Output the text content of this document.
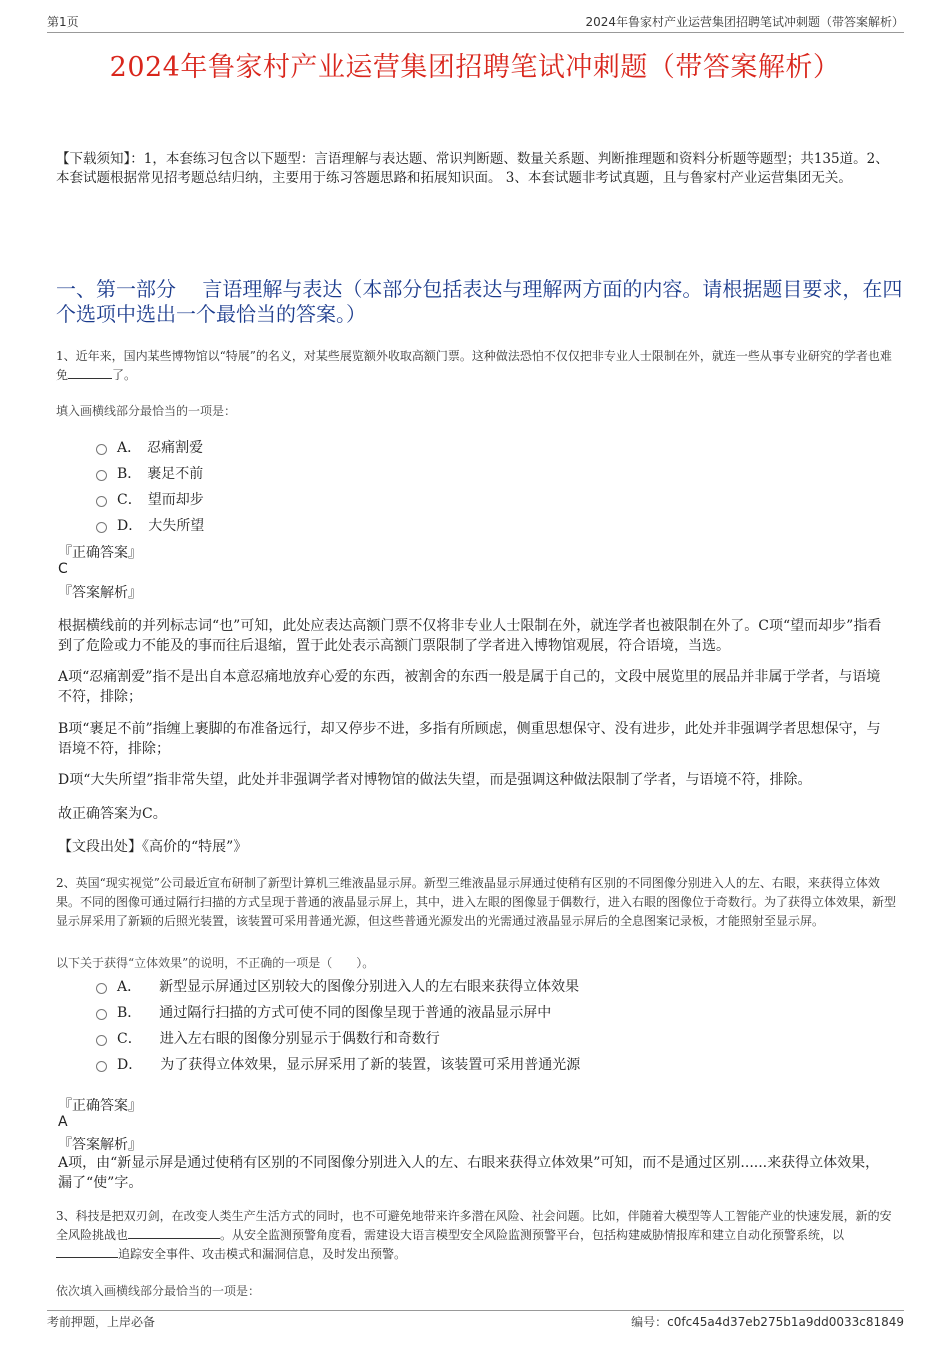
第1页	2024年鲁家村产业运营集团招聘笔试冲刺题（带答案解析）
2024年鲁家村产业运营集团招聘笔试冲刺题（带答案解析）
【下载须知】：1，本套练习包含以下题型：言语理解与表达题、常识判断题、数量关系题、判断推理题和资料分析题等题型；共135道。2、本套试题根据常见招考题总结归纳，主要用于练习答题思路和拓展知识面。 3、本套试题非考试真题，且与鲁家村产业运营集团无关。
一、第一部分　 言语理解与表达（本部分包括表达与理解两方面的内容。请根据题目要求，在四个选项中选出一个最恰当的答案。）
1、近年来，国内某些博物馆以“特展”的名义，对某些展览额外收取高额门票。这种做法恐怕不仅仅把非专业人士限制在外，就连一些从事专业研究的学者也难免	了。
填入画横线部分最恰当的一项是：
A． 忍痛割爱
B． 裹足不前
C． 望而却步
D． 大失所望
『正确答案』
C
『答案解析』
根据横线前的并列标志词“也”可知，此处应表达高额门票不仅将非专业人士限制在外，就连学者也被限制在外了。C项“望而却步”指看到了危险或力不能及的事而往后退缩，置于此处表示高额门票限制了学者进入博物馆观展，符合语境，当选。
A项“忍痛割爱”指不是出自本意忍痛地放弃心爱的东西，被割舍的东西一般是属于自己的，文段中展览里的展品并非属于学者，与语境不符，排除；
B项“裹足不前”指缠上裹脚的布准备远行，却又停步不进，多指有所顾虑，侧重思想保守、没有进步，此处并非强调学者思想保守，与语境不符，排除；
D项“大失所望”指非常失望，此处并非强调学者对博物馆的做法失望，而是强调这种做法限制了学者，与语境不符，排除。
故正确答案为C。
【文段出处】《高价的“特展”》
2、英国“现实视觉”公司最近宣布研制了新型计算机三维液晶显示屏。新型三维液晶显示屏通过使稍有区别的不同图像分别进入人的左、右眼，来获得立体效果。不同的图像可通过隔行扫描的方式呈现于普通的液晶显示屏上，其中，进入左眼的图像显于偶数行，进入右眼的图像位于奇数行。为了获得立体效果，新型显示屏采用了新颖的后照光装置，该装置可采用普通光源，但这些普通光源发出的光需通过液晶显示屏后的全息图案记录板，才能照射至显示屏。
以下关于获得“立体效果”的说明，不正确的一项是（　　）。
A． 新型显示屏通过区别较大的图像分别进入人的左右眼来获得立体效果
B． 通过隔行扫描的方式可使不同的图像呈现于普通的液晶显示屏中
C． 进入左右眼的图像分别显示于偶数行和奇数行
D． 为了获得立体效果，显示屏采用了新的装置，该装置可采用普通光源
『正确答案』
A
『答案解析』
A项，由“新显示屏是通过使稍有区别的不同图像分别进入人的左、右眼来获得立体效果”可知，而不是通过区别......来获得立体效果，漏了“使”字。
3、科技是把双刃剑，在改变人类生产生活方式的同时，也不可避免地带来许多潜在风险、社会问题。比如，伴随着大模型等人工智能产业的快速发展，新的安全风险挑战也	。从安全监测预警角度看，需建设大语言模型安全风险监测预警平台，包括构建威胁情报库和建立自动化预警系统，以追踪安全事件、攻击模式和漏洞信息，及时发出预警。
依次填入画横线部分最恰当的一项是：
考前押题，上岸必备	编号：c0fc45a4d37eb275b1a9dd0033c81849
